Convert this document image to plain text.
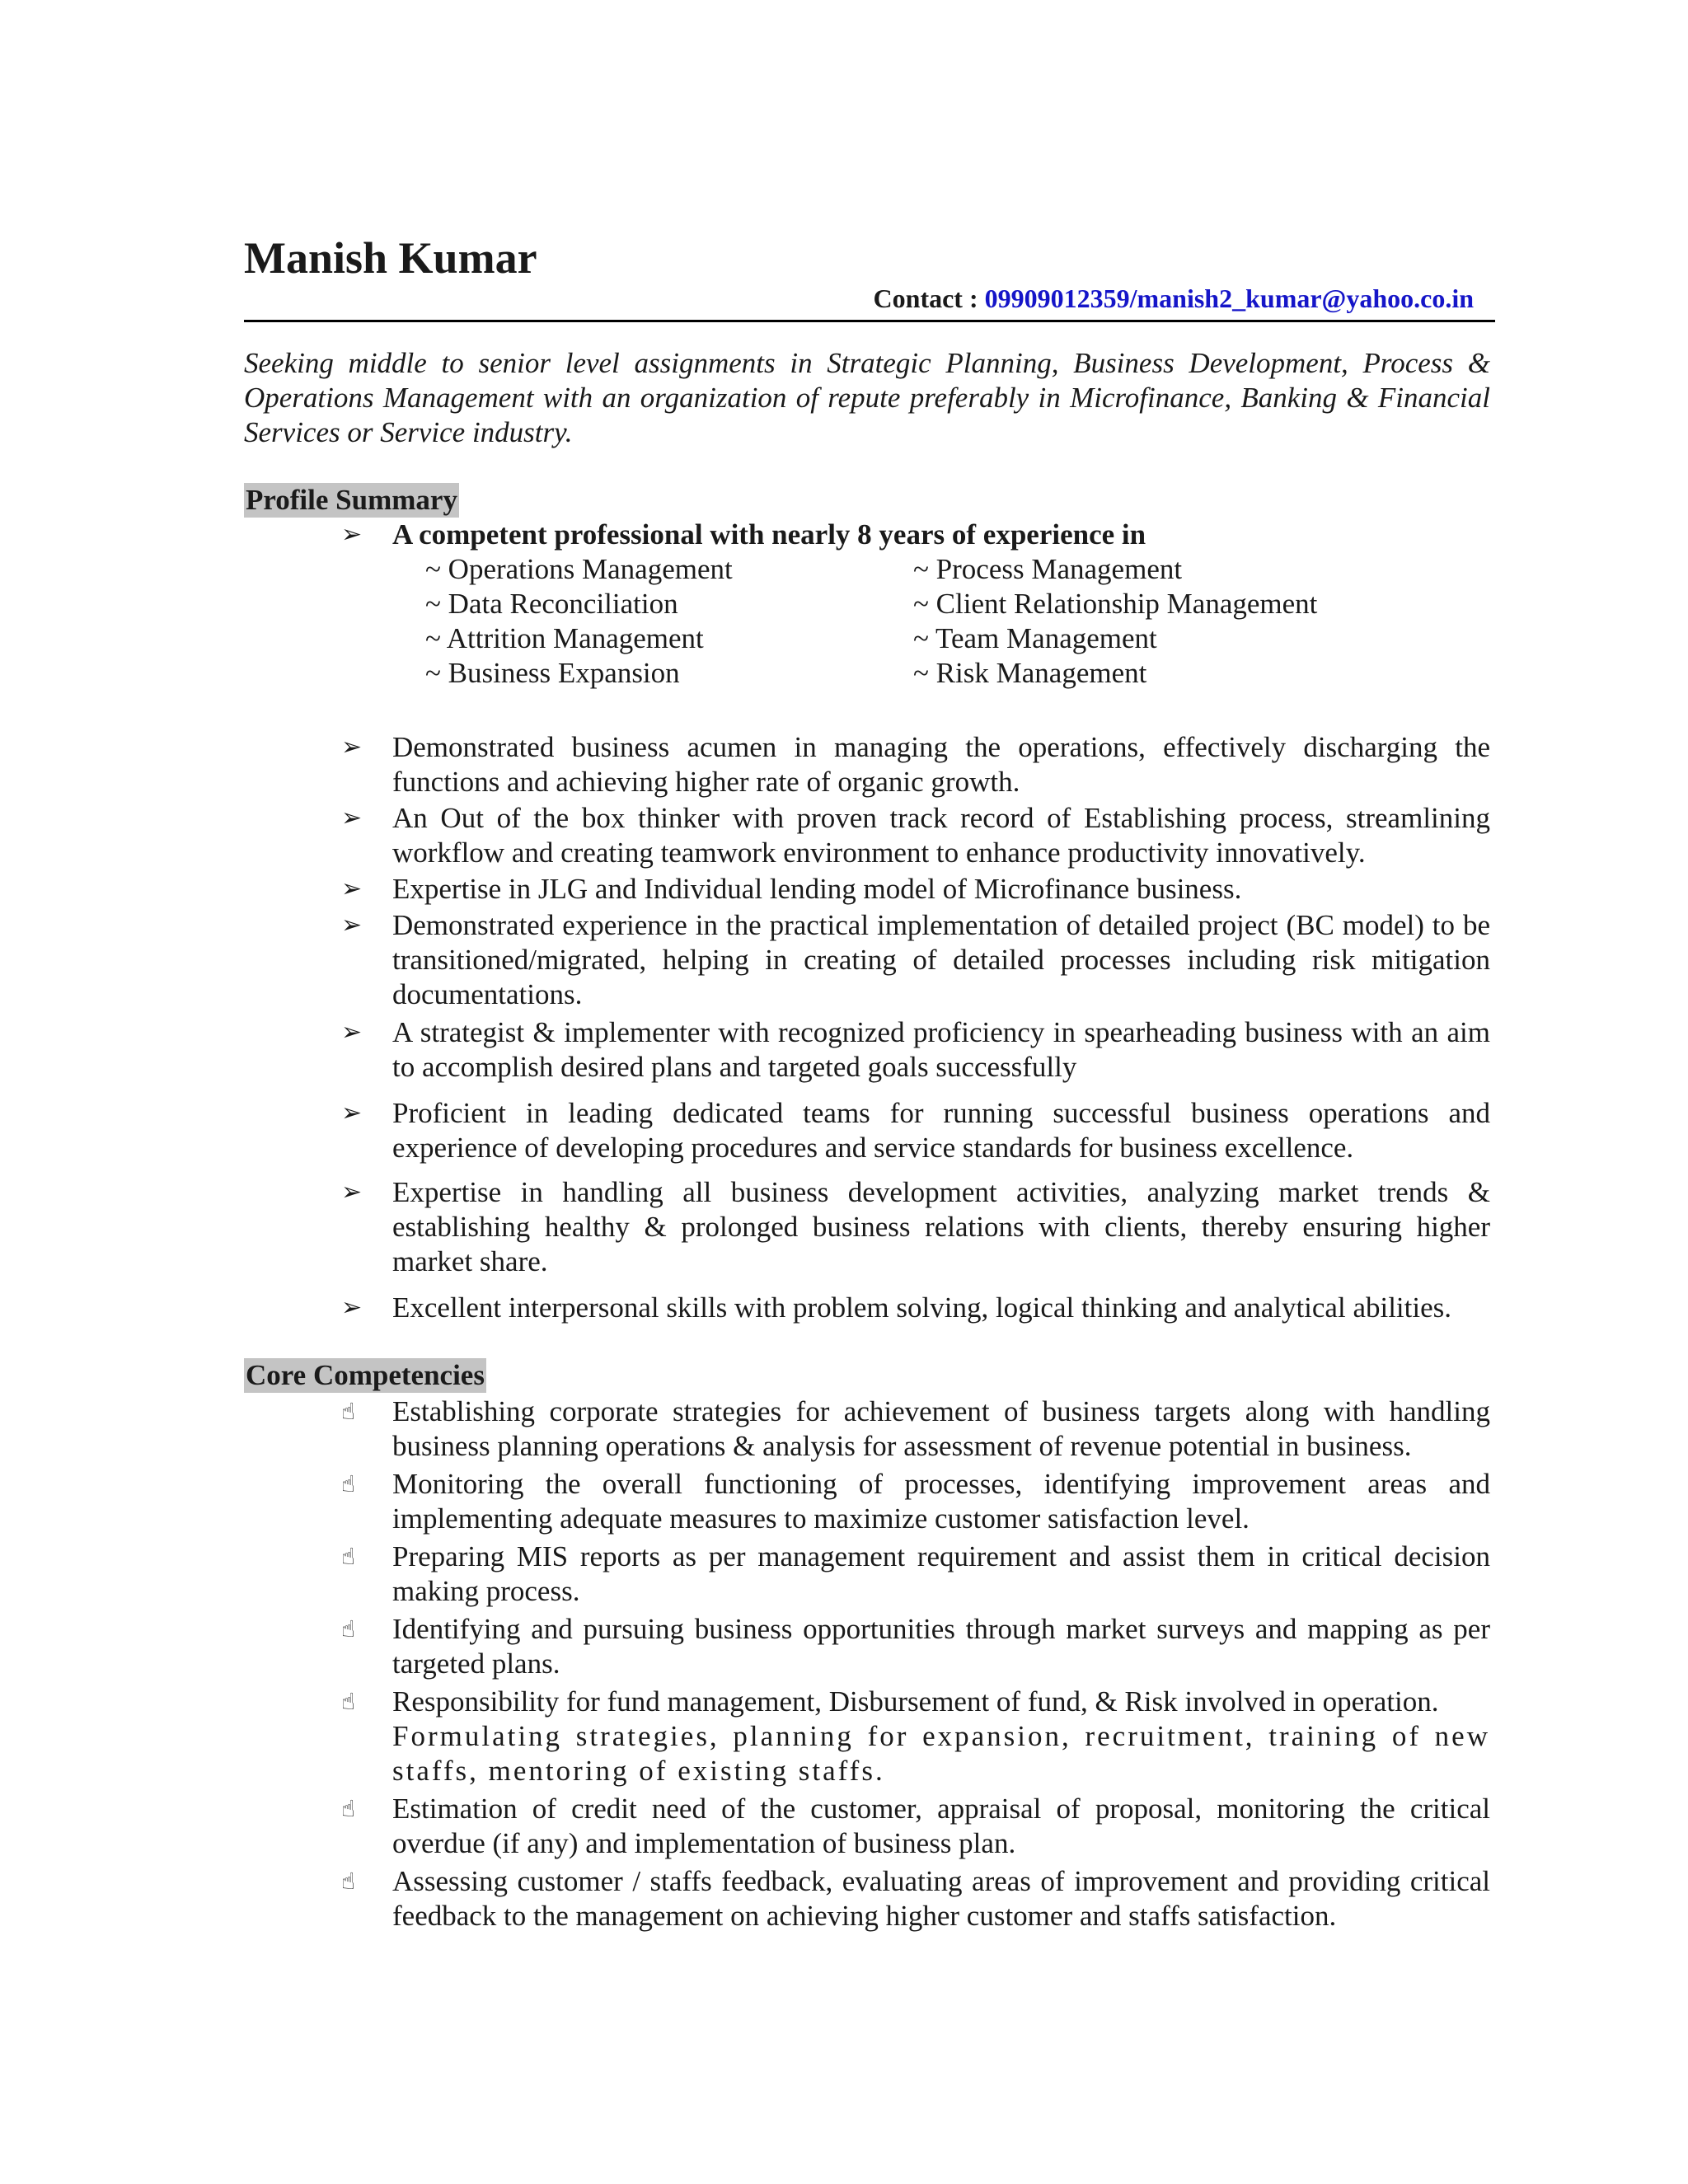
Manish Kumar
Contact : 09909012359/manish2_kumar@yahoo.co.in

Seeking middle to senior level assignments in Strategic Planning, Business Development, Process & Operations Management with an organization of repute preferably in Microfinance, Banking & Financial Services or Service industry.

Profile Summary
➢	A competent professional with nearly 8 years of experience in
~ Operations Management	~ Process Management
~ Data Reconciliation	~ Client Relationship Management
~ Attrition Management	~ Team Management
~ Business Expansion	~ Risk Management
➢	Demonstrated business acumen in managing the operations, effectively discharging the functions and achieving higher rate of organic growth.
➢	An Out of the box thinker with proven track record of Establishing process, streamlining workflow and creating teamwork environment to enhance productivity innovatively.
➢	Expertise in JLG and Individual lending model of Microfinance business.
➢	Demonstrated experience in the practical implementation of detailed project (BC model) to be transitioned/migrated, helping in creating of detailed processes including risk mitigation documentations.
➢	A strategist & implementer with recognized proficiency in spearheading business with an aim to accomplish desired plans and targeted goals successfully
➢	Proficient in leading dedicated teams for running successful business operations and experience of developing procedures and service standards for business excellence.
➢	Expertise in handling all business development activities, analyzing market trends & establishing healthy & prolonged business relations with clients, thereby ensuring higher market share.
➢	Excellent interpersonal skills with problem solving, logical thinking and analytical abilities.
Core Competencies
☝	Establishing corporate strategies for achievement of business targets along with handling business planning operations & analysis for assessment of revenue potential in business.
☝	Monitoring the overall functioning of processes, identifying improvement areas and implementing adequate measures to maximize customer satisfaction level.
☝	Preparing MIS reports as per management requirement and assist them in critical decision making process.
☝	Identifying and pursuing business opportunities through market surveys and mapping as per targeted plans.
☝	Responsibility for fund management, Disbursement of fund, & Risk involved in operation.
Formulating strategies, planning for expansion, recruitment, training of new staffs, mentoring of existing staffs.
☝	Estimation of credit need of the customer, appraisal of proposal, monitoring the critical overdue (if any) and implementation of business plan.
☝	Assessing customer / staffs feedback, evaluating areas of improvement and providing critical feedback to the management on achieving higher customer and staffs satisfaction.
